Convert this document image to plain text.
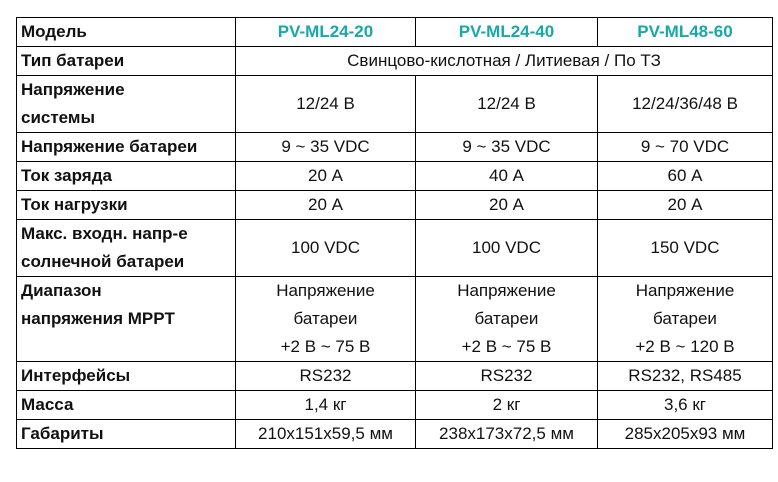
Модель	PV-ML24-20	PV-ML24-40	PV-ML48-60

Тип батареи	Свинцово-кислотная / Литиевая / По ТЗ		

Напряжение
системы	12/24 В	12/24 В	12/24/36/48 В

Напряжение батареи	9 ~ 35 VDC	9 ~ 35 VDC	9 ~ 70 VDC

Ток заряда	20 А	40 А	60 А

Ток нагрузки	20 А	20 А	20 А

Макс. входн. напр-е
солнечной батареи	100 VDC	100 VDC	150 VDC

Диапазон
напряжения MPPT	Напряжение
батареи
+2 В ~ 75 В	Напряжение
батареи
+2 В ~ 75 В	Напряжение
батареи
+2 В ~ 120 В

Интерфейсы	RS232	RS232	RS232, RS485

Масса	1,4 кг	2 кг	3,6 кг

Габариты	210x151x59,5 мм	238x173x72,5 мм	285x205x93 мм
